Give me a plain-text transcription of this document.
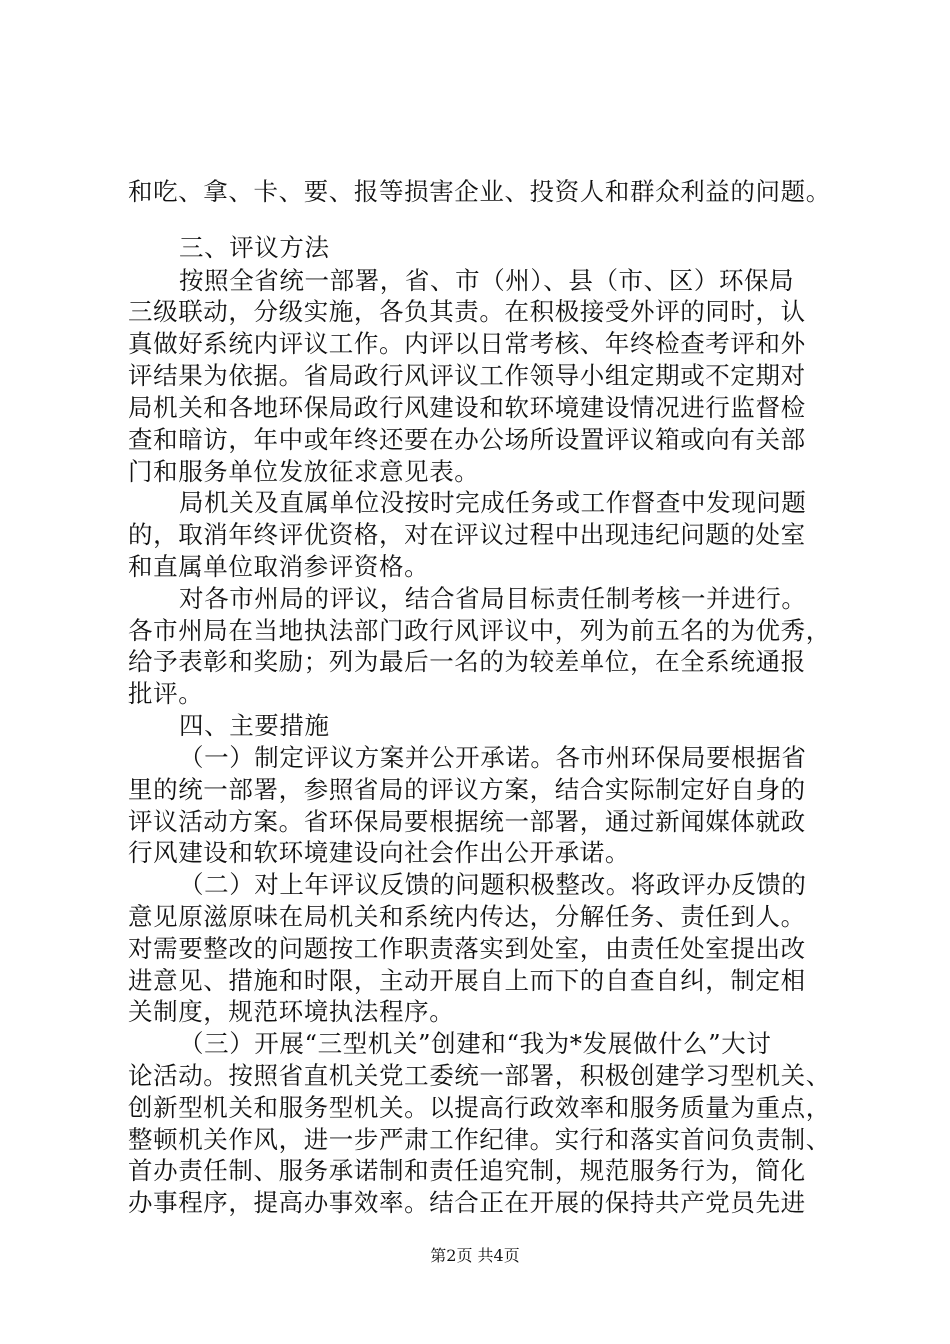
和吃、拿、卡、要、报等损害企业、投资人和群众利益的问题。
三、评议方法
按照全省统一部署，省、市（州）、县（市、区）环保局
三级联动，分级实施，各负其责。在积极接受外评的同时，认
真做好系统内评议工作。内评以日常考核、年终检查考评和外
评结果为依据。省局政行风评议工作领导小组定期或不定期对
局机关和各地环保局政行风建设和软环境建设情况进行监督检
查和暗访，年中或年终还要在办公场所设置评议箱或向有关部
门和服务单位发放征求意见表。
局机关及直属单位没按时完成任务或工作督查中发现问题
的，取消年终评优资格，对在评议过程中出现违纪问题的处室
和直属单位取消参评资格。
对各市州局的评议，结合省局目标责任制考核一并进行。
各市州局在当地执法部门政行风评议中，列为前五名的为优秀，
给予表彰和奖励；列为最后一名的为较差单位，在全系统通报
批评。
四、主要措施
（一）制定评议方案并公开承诺。各市州环保局要根据省
里的统一部署，参照省局的评议方案，结合实际制定好自身的
评议活动方案。省环保局要根据统一部署，通过新闻媒体就政
行风建设和软环境建设向社会作出公开承诺。
（二）对上年评议反馈的问题积极整改。将政评办反馈的
意见原滋原味在局机关和系统内传达，分解任务、责任到人。
对需要整改的问题按工作职责落实到处室，由责任处室提出改
进意见、措施和时限，主动开展自上而下的自查自纠，制定相
关制度，规范环境执法程序。
（三）开展“三型机关”创建和“我为*发展做什么”大讨
论活动。按照省直机关党工委统一部署，积极创建学习型机关、
创新型机关和服务型机关。以提高行政效率和服务质量为重点，
整顿机关作风，进一步严肃工作纪律。实行和落实首问负责制、
首办责任制、服务承诺制和责任追究制，规范服务行为，简化
办事程序，提高办事效率。结合正在开展的保持共产党员先进
第2页 共4页
